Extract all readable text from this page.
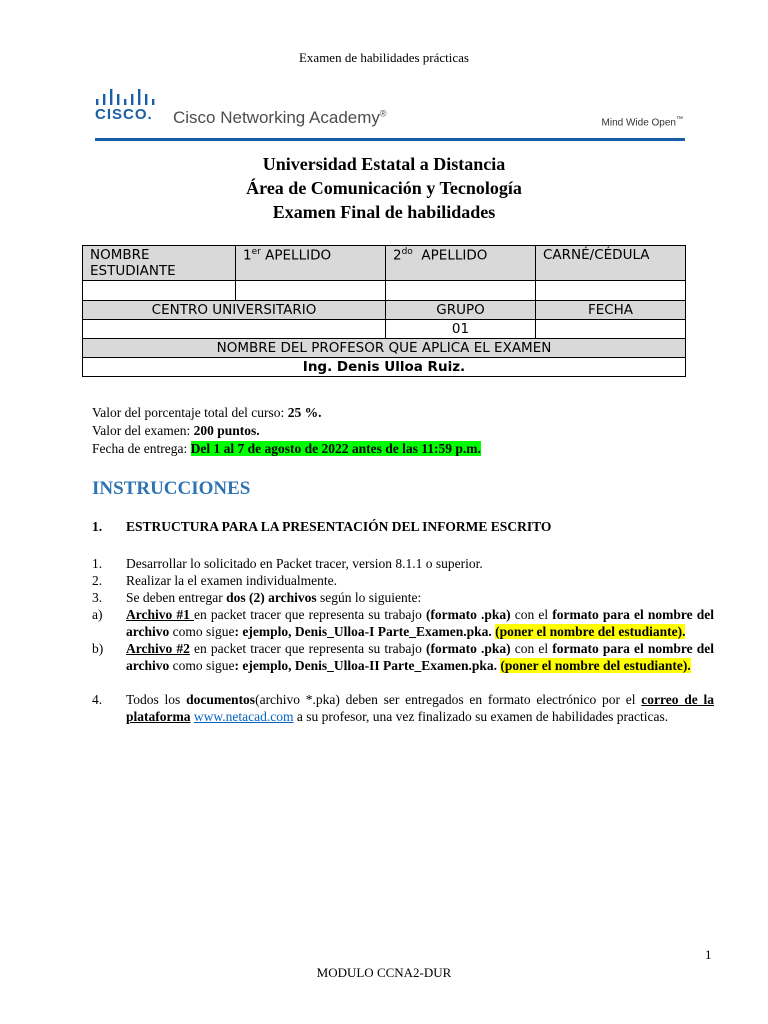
Examen de habilidades prácticas
CISCO. Cisco Networking Academy®
Mind Wide Open™
Universidad Estatal a Distancia
Área de Comunicación y Tecnología
Examen Final de habilidades
NOMBRE ESTUDIANTE	1er APELLIDO	$2^{do}$ APELLIDO	CARNÉ/CÉDULA

CENTRO UNIVERSITARIO		GRUPO	FECHA
		01	
NOMBRE DEL PROFESOR QUE APLICA EL EXAMEN			
Ing. Denis Ulloa Ruiz.			
Valor del porcentaje total del curso: 25 %.
Valor del examen: 200 puntos.
Fecha de entrega: Del 1 al 7 de agosto de 2022 antes de las 11:59 p.m.
INSTRUCCIONES
1. ESTRUCTURA PARA LA PRESENTACIÓN DEL INFORME ESCRITO
1.	Desarrollar lo solicitado en Packet tracer, version 8.1.1 o superior.
2.	Realizar la el examen individualmente.
3.	Se deben entregar dos (2) archivos según lo siguiente:
a)	Archivo #1 en packet tracer que representa su trabajo (formato .pka) con el formato para el nombre del archivo como sigue: ejemplo, Denis_Ulloa-I Parte_Examen.pka. (poner el nombre del estudiante).
b)	Archivo #2 en packet tracer que representa su trabajo (formato .pka) con el formato para el nombre del archivo como sigue: ejemplo, Denis_Ulloa-II Parte_Examen.pka. (poner el nombre del estudiante).
4.	Todos los documentos(archivo *.pka) deben ser entregados en formato electrónico por el correo de la plataforma www.netacad.com a su profesor, una vez finalizado su examen de habilidades practicas.
1
MODULO CCNA2-DUR
